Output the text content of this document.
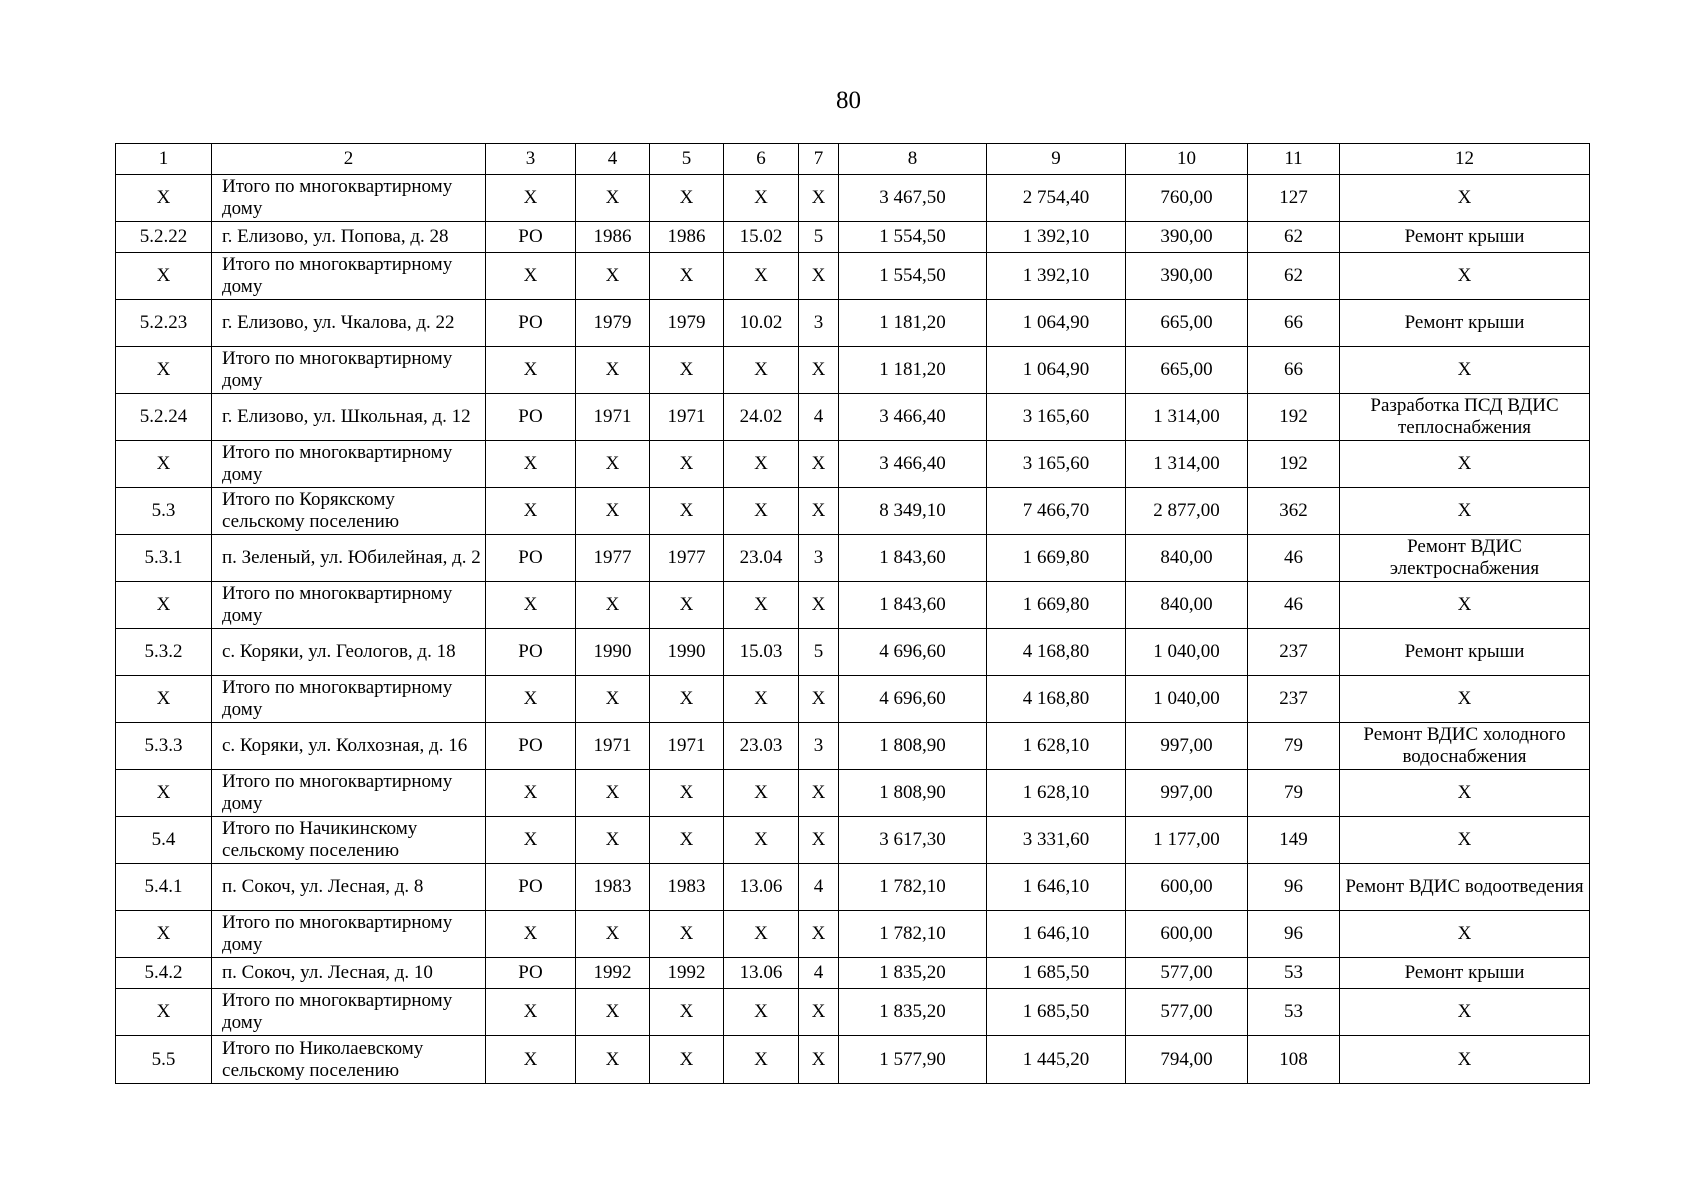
80
1	2	3	4	5	6	7	8	9	10	11	12
X	Итого по многоквартирному дому	X	X	X	X	X	3 467,50	2 754,40	760,00	127	X
5.2.22	г. Елизово, ул. Попова, д. 28	РО	1986	1986	15.02	5	1 554,50	1 392,10	390,00	62	Ремонт крыши
X	Итого по многоквартирному дому	X	X	X	X	X	1 554,50	1 392,10	390,00	62	X
5.2.23	г. Елизово, ул. Чкалова, д. 22	РО	1979	1979	10.02	3	1 181,20	1 064,90	665,00	66	Ремонт крыши
X	Итого по многоквартирному дому	X	X	X	X	X	1 181,20	1 064,90	665,00	66	X
5.2.24	г. Елизово, ул. Школьная, д. 12	РО	1971	1971	24.02	4	3 466,40	3 165,60	1 314,00	192	Разработка ПСД ВДИС теплоснабжения
X	Итого по многоквартирному дому	X	X	X	X	X	3 466,40	3 165,60	1 314,00	192	X
5.3	Итого по Корякскому сельскому поселению	X	X	X	X	X	8 349,10	7 466,70	2 877,00	362	X
5.3.1	п. Зеленый, ул. Юбилейная, д. 2	РО	1977	1977	23.04	3	1 843,60	1 669,80	840,00	46	Ремонт ВДИС электроснабжения
X	Итого по многоквартирному дому	X	X	X	X	X	1 843,60	1 669,80	840,00	46	X
5.3.2	с. Коряки, ул. Геологов, д. 18	РО	1990	1990	15.03	5	4 696,60	4 168,80	1 040,00	237	Ремонт крыши
X	Итого по многоквартирному дому	X	X	X	X	X	4 696,60	4 168,80	1 040,00	237	X
5.3.3	с. Коряки, ул. Колхозная, д. 16	РО	1971	1971	23.03	3	1 808,90	1 628,10	997,00	79	Ремонт ВДИС холодного водоснабжения
X	Итого по многоквартирному дому	X	X	X	X	X	1 808,90	1 628,10	997,00	79	X
5.4	Итого по Начикинскому сельскому поселению	X	X	X	X	X	3 617,30	3 331,60	1 177,00	149	X
5.4.1	п. Сокоч, ул. Лесная, д. 8	РО	1983	1983	13.06	4	1 782,10	1 646,10	600,00	96	Ремонт ВДИС водоотведения
X	Итого по многоквартирному дому	X	X	X	X	X	1 782,10	1 646,10	600,00	96	X
5.4.2	п. Сокоч, ул. Лесная, д. 10	РО	1992	1992	13.06	4	1 835,20	1 685,50	577,00	53	Ремонт крыши
X	Итого по многоквартирному дому	X	X	X	X	X	1 835,20	1 685,50	577,00	53	X
5.5	Итого по Николаевскому сельскому поселению	X	X	X	X	X	1 577,90	1 445,20	794,00	108	X
